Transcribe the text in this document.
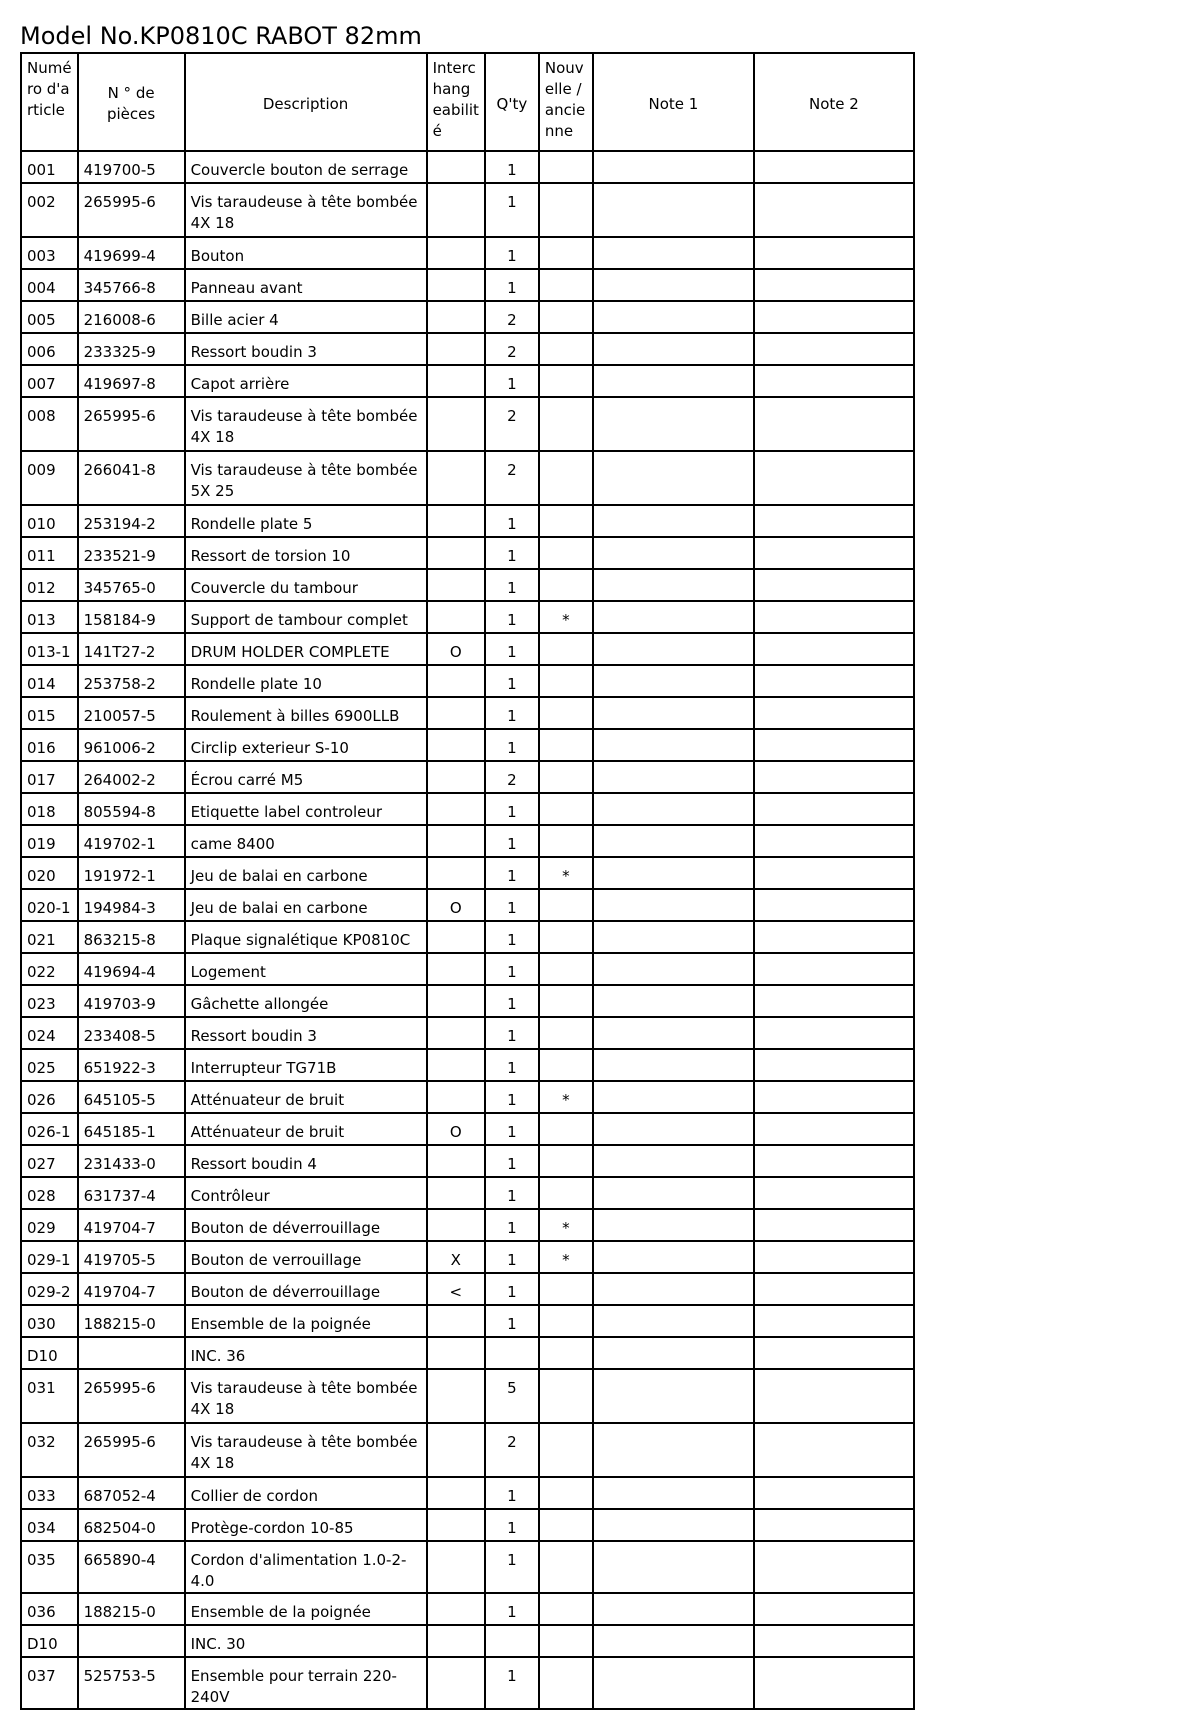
Model No.KP0810C RABOT 82mm
Numé ro d'a rticle	N ° de pièces	Description	Interc hang eabilit é	Q'ty	Nouv elle / ancie nne	Note 1	Note 2
001	419700-5	Couvercle bouton de serrage		1			
002	265995-6	Vis taraudeuse à tête bombée 4X 18		1			
003	419699-4	Bouton		1			
004	345766-8	Panneau avant		1			
005	216008-6	Bille acier 4		2			
006	233325-9	Ressort boudin 3		2			
007	419697-8	Capot arrière		1			
008	265995-6	Vis taraudeuse à tête bombée 4X 18		2			
009	266041-8	Vis taraudeuse à tête bombée 5X 25		2			
010	253194-2	Rondelle plate 5		1			
011	233521-9	Ressort de torsion 10		1			
012	345765-0	Couvercle du tambour		1			
013	158184-9	Support de tambour complet		1	*		
013-1	141T27-2	DRUM HOLDER COMPLETE	O	1			
014	253758-2	Rondelle plate 10		1			
015	210057-5	Roulement à billes 6900LLB		1			
016	961006-2	Circlip exterieur S-10		1			
017	264002-2	Écrou carré M5		2			
018	805594-8	Etiquette label controleur		1			
019	419702-1	came 8400		1			
020	191972-1	Jeu de balai en carbone		1	*		
020-1	194984-3	Jeu de balai en carbone	O	1			
021	863215-8	Plaque signalétique KP0810C		1			
022	419694-4	Logement		1			
023	419703-9	Gâchette allongée		1			
024	233408-5	Ressort boudin 3		1			
025	651922-3	Interrupteur TG71B		1			
026	645105-5	Atténuateur de bruit		1	*		
026-1	645185-1	Atténuateur de bruit	O	1			
027	231433-0	Ressort boudin 4		1			
028	631737-4	Contrôleur		1			
029	419704-7	Bouton de déverrouillage		1	*		
029-1	419705-5	Bouton de verrouillage	X	1	*		
029-2	419704-7	Bouton de déverrouillage	<	1			
030	188215-0	Ensemble de la poignée		1			
D10		INC. 36					
031	265995-6	Vis taraudeuse à tête bombée 4X 18		5			
032	265995-6	Vis taraudeuse à tête bombée 4X 18		2			
033	687052-4	Collier de cordon		1			
034	682504-0	Protège-cordon 10-85		1			
035	665890-4	Cordon d'alimentation 1.0-2-4.0		1			
036	188215-0	Ensemble de la poignée		1			
D10		INC. 30					
037	525753-5	Ensemble pour terrain 220-240V		1			
